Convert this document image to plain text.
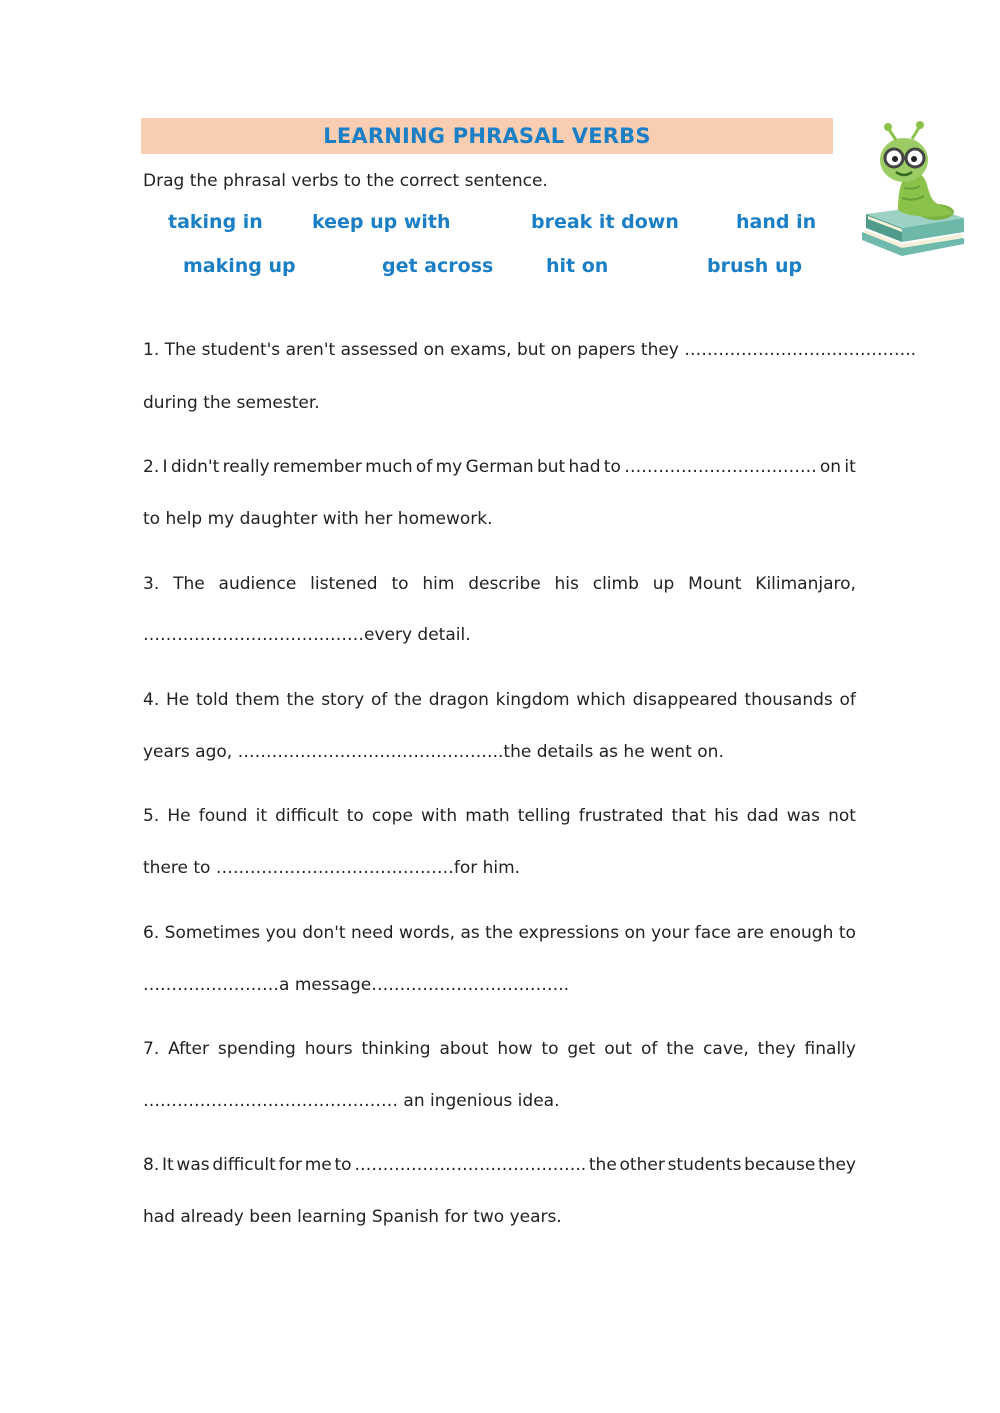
LEARNING PHRASAL VERBS
Drag the phrasal verbs to the correct sentence.
taking in	keep up with	break it down	hand in
making up	get across	hit on	brush up
1. The student's aren't assessed on exams, but on papers they …………………………………..
during the semester.
2. I didn't really remember much of my German but had to ……………………………. on it
to help my daughter with her homework.
3. The audience listened to him describe his climb up Mount Kilimanjaro,
…………………………………every detail.
4. He told them the story of the dragon kingdom which disappeared thousands of
years ago, ………………………………………..the details as he went on.
5. He found it difficult to cope with math telling frustrated that his dad was not
there to ……………………………………for him.
6. Sometimes you don't need words, as the expressions on your face are enough to
……………………a message……………………………..
7. After spending hours thinking about how to get out of the cave, they finally
……………………………………… an ingenious idea.
8. It was difficult for me to ………………………………….. the other students because they
had already been learning Spanish for two years.
